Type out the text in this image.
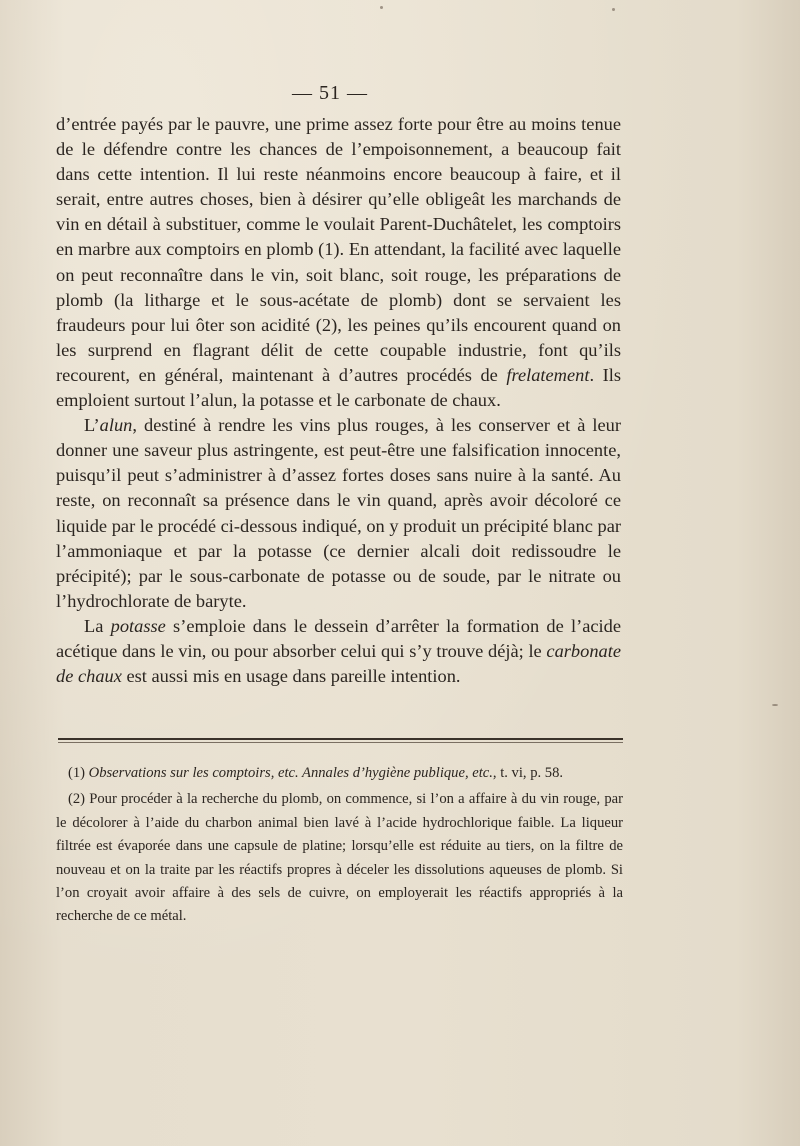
— 51 —

d’entrée payés par le pauvre, une prime assez forte pour être au moins tenue de le défendre contre les chances de l’empoisonnement, a beaucoup fait dans cette intention. Il lui reste néanmoins encore beaucoup à faire, et il serait, entre autres choses, bien à désirer qu’elle obligeât les marchands de vin en détail à substituer, comme le voulait Parent-Duchâtelet, les comptoirs en marbre aux comptoirs en plomb (1). En attendant, la facilité avec laquelle on peut reconnaître dans le vin, soit blanc, soit rouge, les préparations de plomb (la litharge et le sous-acétate de plomb) dont se servaient les fraudeurs pour lui ôter son acidité (2), les peines qu’ils encourent quand on les surprend en flagrant délit de cette coupable industrie, font qu’ils recourent, en général, maintenant à d’autres procédés de frelatement. Ils emploient surtout l’alun, la potasse et le carbonate de chaux.

L’alun, destiné à rendre les vins plus rouges, à les conserver et à leur donner une saveur plus astringente, est peut-être une falsification innocente, puisqu’il peut s’administrer à d’assez fortes doses sans nuire à la santé. Au reste, on reconnaît sa présence dans le vin quand, après avoir décoloré ce liquide par le procédé ci-dessous indiqué, on y produit un précipité blanc par l’ammoniaque et par la potasse (ce dernier alcali doit redissoudre le précipité); par le sous-carbonate de potasse ou de soude, par le nitrate ou l’hydrochlorate de baryte.

La potasse s’emploie dans le dessein d’arrêter la formation de l’acide acétique dans le vin, ou pour absorber celui qui s’y trouve déjà; le carbonate de chaux est aussi mis en usage dans pareille intention.

(1) Observations sur les comptoirs, etc. Annales d’hygiène publique, etc., t. vi, p. 58.

(2) Pour procéder à la recherche du plomb, on commence, si l’on a affaire à du vin rouge, par le décolorer à l’aide du charbon animal bien lavé à l’acide hydrochlorique faible. La liqueur filtrée est évaporée dans une capsule de platine; lorsqu’elle est réduite au tiers, on la filtre de nouveau et on la traite par les réactifs propres à déceler les dissolutions aqueuses de plomb. Si l’on croyait avoir affaire à des sels de cuivre, on employerait les réactifs appropriés à la recherche de ce métal.
